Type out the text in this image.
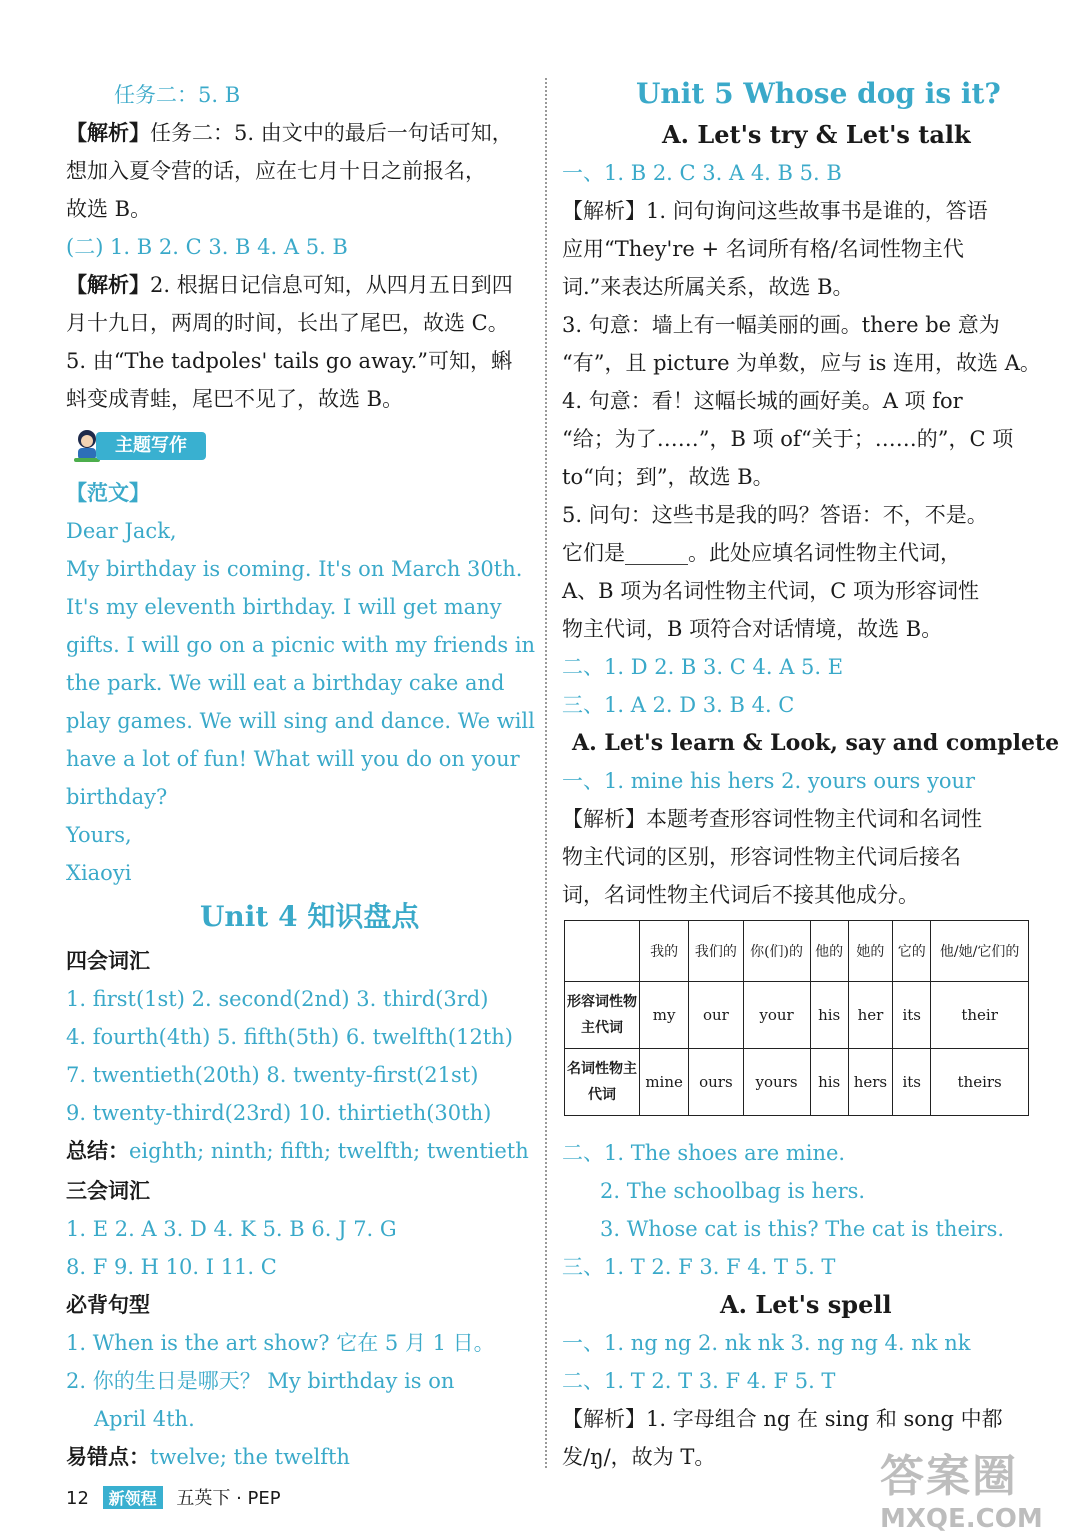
任务二：5. B
【解析】任务二：5. 由文中的最后一句话可知，
想加入夏令营的话，应在七月十日之前报名，
故选 B。
(二) 1. B 2. C 3. B 4. A 5. B
【解析】2. 根据日记信息可知，从四月五日到四
月十九日，两周的时间，长出了尾巴，故选 C。
5. 由“The tadpoles' tails go away.”可知，蝌
蚪变成青蛙，尾巴不见了，故选 B。
主题写作
【范文】
Dear Jack,
My birthday is coming. It's on March 30th.
It's my eleventh birthday. I will get many
gifts. I will go on a picnic with my friends in
the park. We will eat a birthday cake and
play games. We will sing and dance. We will
have a lot of fun! What will you do on your
birthday?
Yours,
Xiaoyi
Unit 4 知识盘点
四会词汇
1. first(1st) 2. second(2nd) 3. third(3rd)
4. fourth(4th) 5. fifth(5th) 6. twelfth(12th)
7. twentieth(20th) 8. twenty-first(21st)
9. twenty-third(23rd) 10. thirtieth(30th)
总结：eighth; ninth; fifth; twelfth; twentieth
三会词汇
1. E 2. A 3. D 4. K 5. B 6. J 7. G
8. F 9. H 10. I 11. C
必背句型
1. When is the art show? 它在 5 月 1 日。
2. 你的生日是哪天？ My birthday is on
April 4th.
易错点：twelve; the twelfth
Unit 5 Whose dog is it?
A. Let's try & Let's talk
一、1. B 2. C 3. A 4. B 5. B
【解析】1. 问句询问这些故事书是谁的，答语
应用“They're + 名词所有格/名词性物主代
词.”来表达所属关系，故选 B。
3. 句意：墙上有一幅美丽的画。there be 意为
“有”，且 picture 为单数，应与 is 连用，故选 A。
4. 句意：看！这幅长城的画好美。A 项 for
“给；为了……”，B 项 of“关于；……的”，C 项
to“向；到”，故选 B。
5. 问句：这些书是我的吗？答语：不，不是。
它们是______。此处应填名词性物主代词，
A、B 项为名词性物主代词，C 项为形容词性
物主代词，B 项符合对话情境，故选 B。
二、1. D 2. B 3. C 4. A 5. E
三、1. A 2. D 3. B 4. C
A. Let's learn & Look, say and complete
一、1. mine his hers 2. yours ours your
【解析】本题考查形容词性物主代词和名词性
物主代词的区别，形容词性物主代词后接名
词，名词性物主代词后不接其他成分。
	我的	我们的	你(们)的	他的	她的	它的	他/她/它们的
形容词性物主代词	my	our	your	his	her	its	their
名词性物主代词	mine	ours	yours	his	hers	its	theirs
二、1. The shoes are mine.
2. The schoolbag is hers.
3. Whose cat is this? The cat is theirs.
三、1. T 2. F 3. F 4. T 5. T
A. Let's spell
一、1. ng ng 2. nk nk 3. ng ng 4. nk nk
二、1. T 2. T 3. F 4. F 5. T
【解析】1. 字母组合 ng 在 sing 和 song 中都
发/ŋ/，故为 T。
12 新领程 五英下 · PEP	答案圈
MXQE.COM
